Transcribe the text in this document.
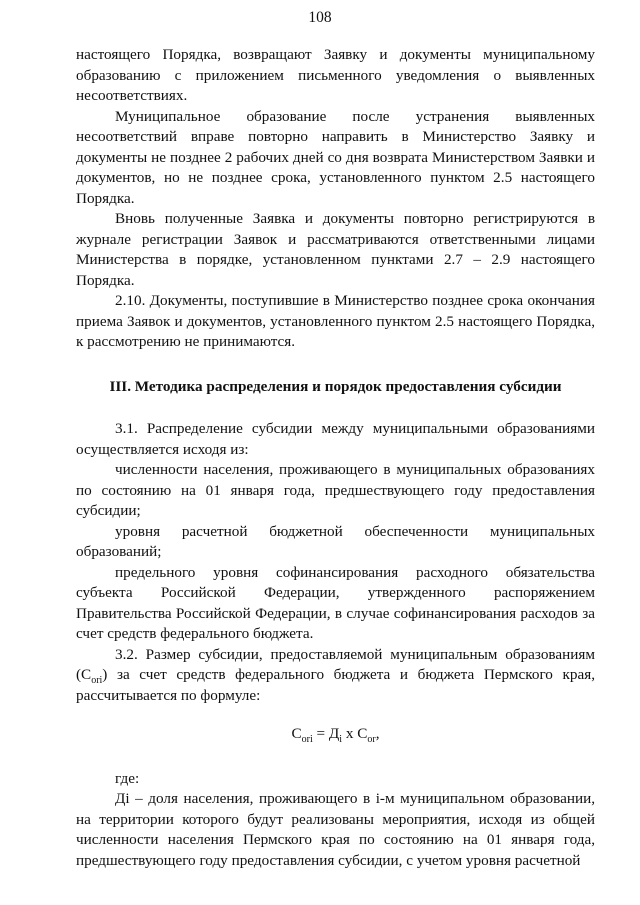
108

настоящего Порядка, возвращают Заявку и документы муниципальному образованию с приложением письменного уведомления о выявленных несоответствиях.

Муниципальное образование после устранения выявленных несоответствий вправе повторно направить в Министерство Заявку и документы не позднее 2 рабочих дней со дня возврата Министерством Заявки и документов, но не позднее срока, установленного пунктом 2.5 настоящего Порядка.

Вновь полученные Заявка и документы повторно регистрируются в журнале регистрации Заявок и рассматриваются ответственными лицами Министерства в порядке, установленном пунктами 2.7 – 2.9 настоящего Порядка.

2.10. Документы, поступившие в Министерство позднее срока окончания приема Заявок и документов, установленного пунктом 2.5 настоящего Порядка, к рассмотрению не принимаются.

III. Методика распределения и порядок предоставления субсидии

3.1. Распределение субсидии между муниципальными образованиями осуществляется исходя из:

численности населения, проживающего в муниципальных образованиях по состоянию на 01 января года, предшествующего году предоставления субсидии;

уровня расчетной бюджетной обеспеченности муниципальных образований;

предельного уровня софинансирования расходного обязательства субъекта Российской Федерации, утвержденного распоряжением Правительства Российской Федерации, в случае софинансирования расходов за счет средств федерального бюджета.

3.2. Размер субсидии, предоставляемой муниципальным образованиям $(С_{ori})$ за счет средств федерального бюджета и бюджета Пермского края, рассчитывается по формуле:

$С_{ori} = Д_i$ х $С_{or}$,

где:

Дi – доля населения, проживающего в i-м муниципальном образовании, на территории которого будут реализованы мероприятия, исходя из общей численности населения Пермского края по состоянию на 01 января года, предшествующего году предоставления субсидии, с учетом уровня расчетной
